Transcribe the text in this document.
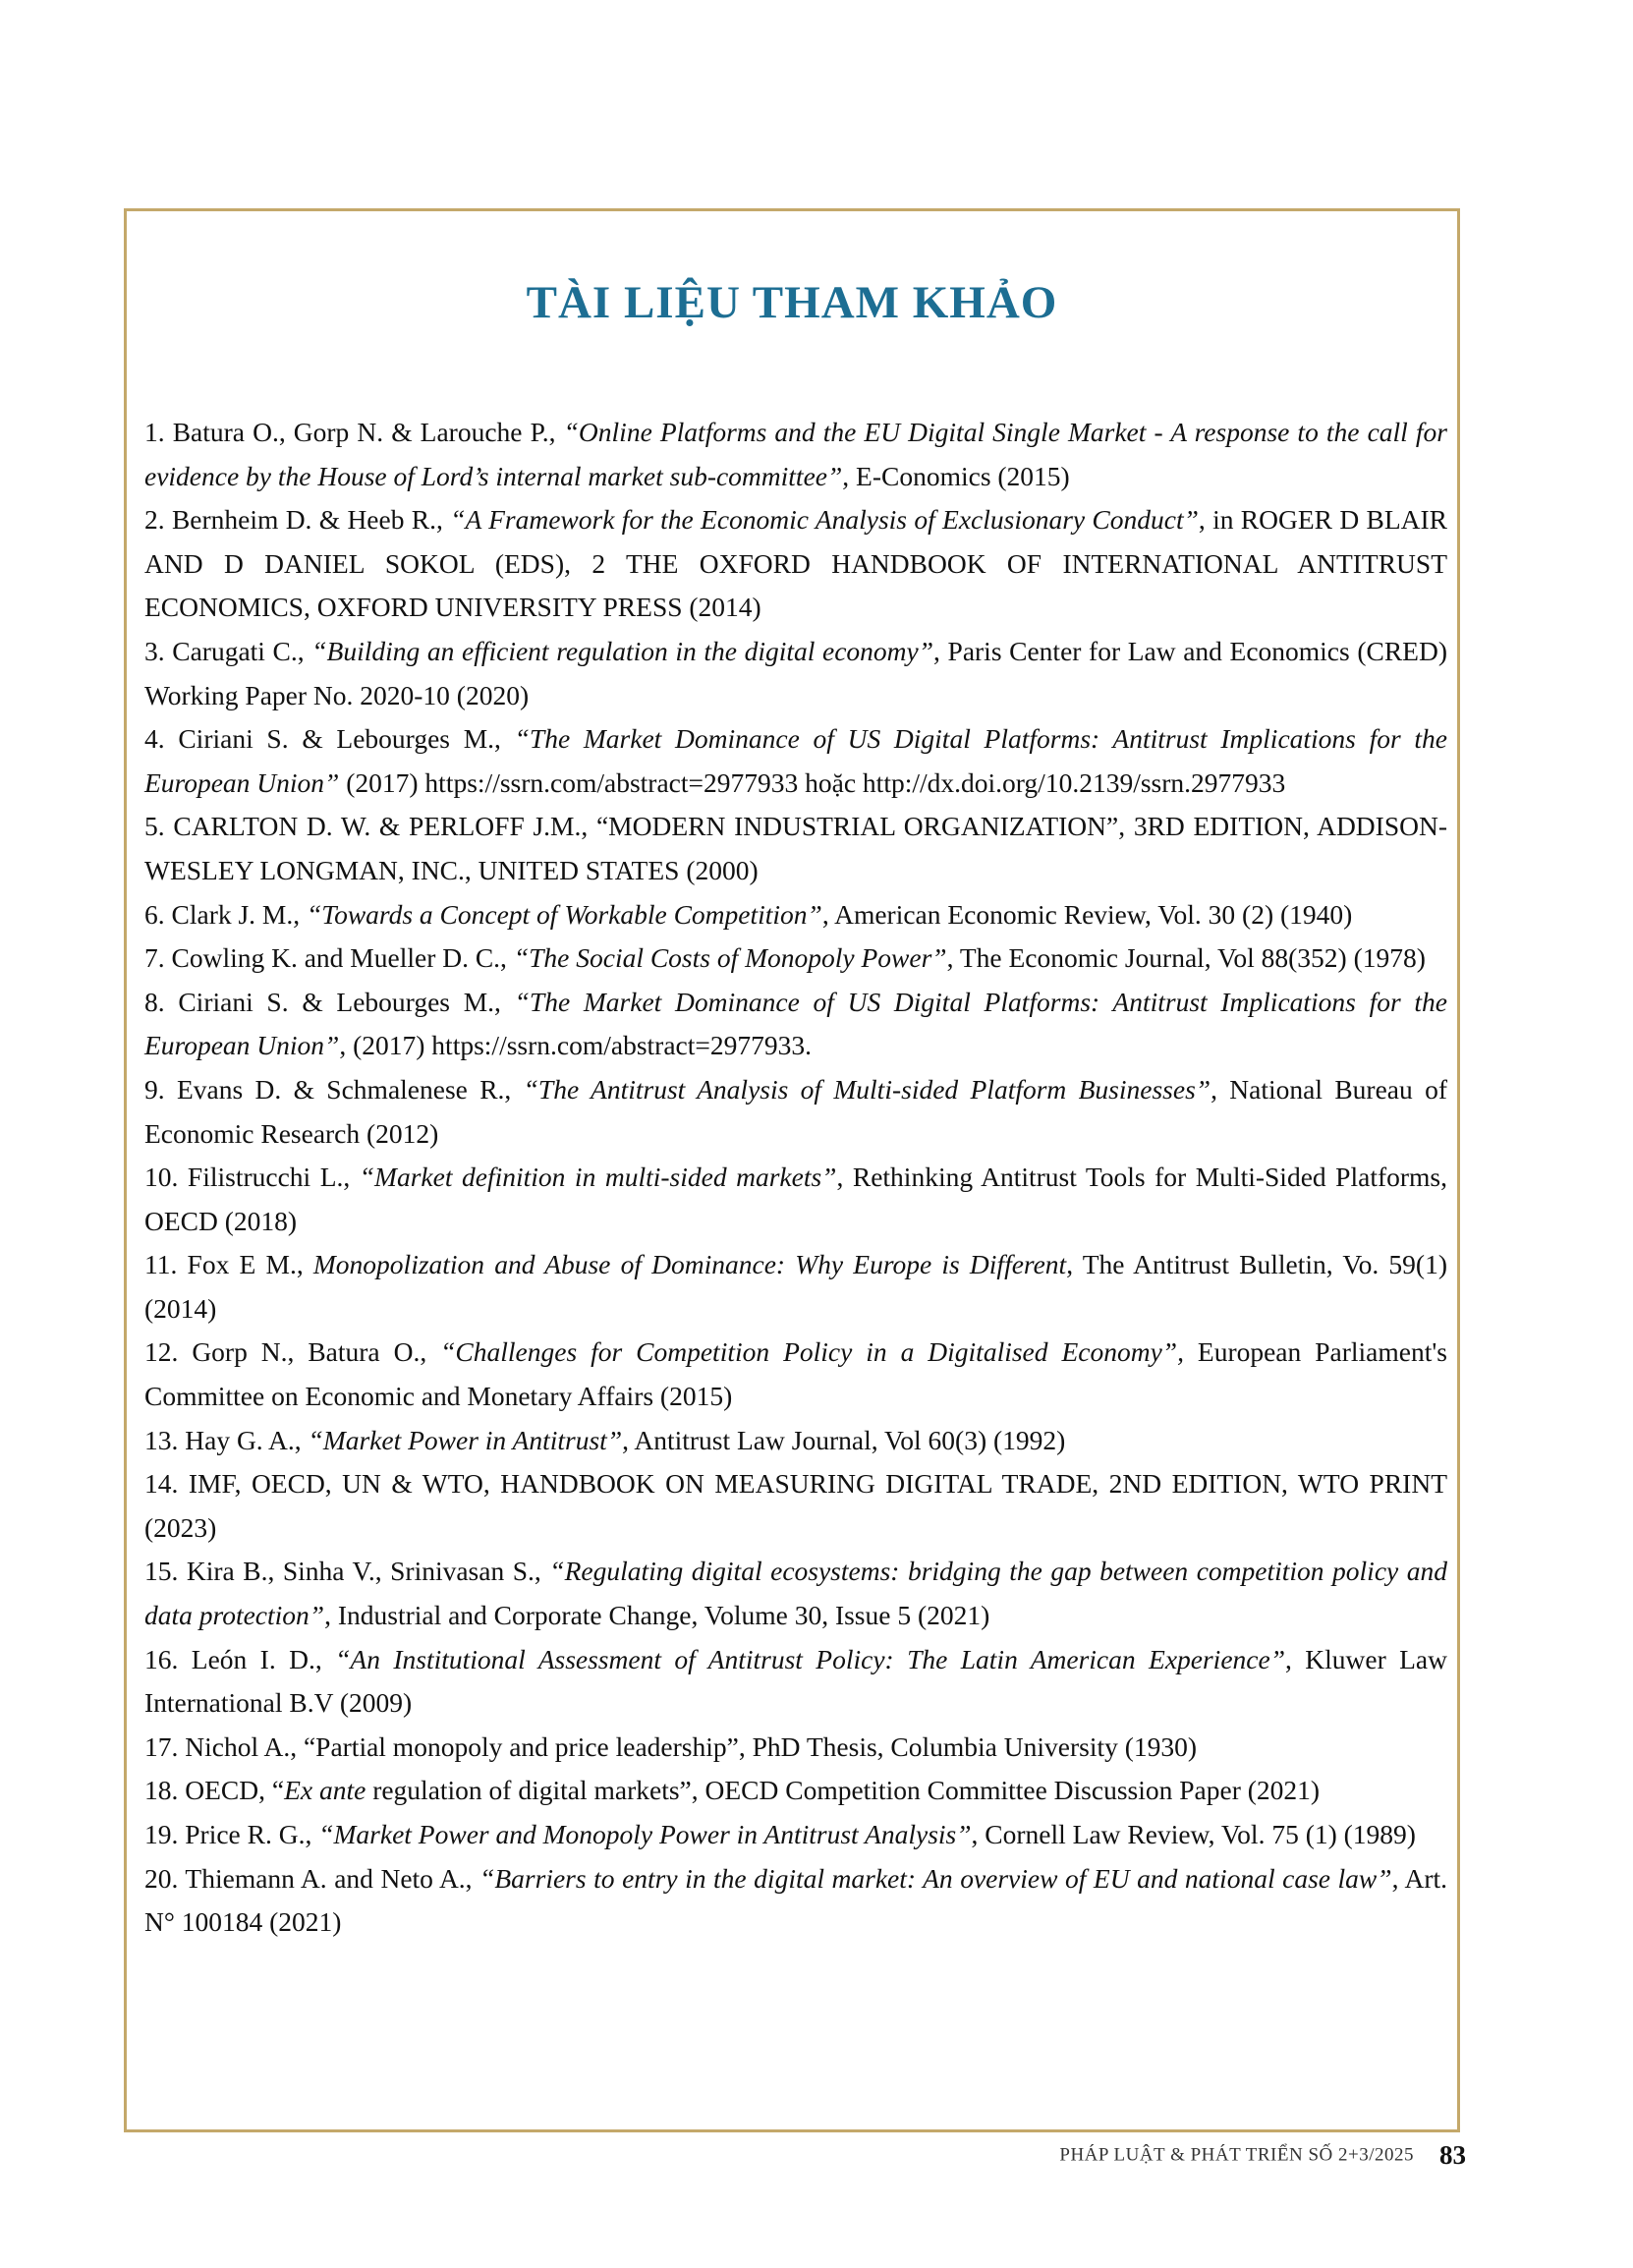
TÀI LIỆU THAM KHẢO
1. Batura O., Gorp N. & Larouche P., “Online Platforms and the EU Digital Single Market - A response to the call for evidence by the House of Lord’s internal market sub-committee”, E-Conomics (2015)
2. Bernheim D. & Heeb R., “A Framework for the Economic Analysis of Exclusionary Conduct”, in ROGER D BLAIR AND D DANIEL SOKOL (EDS), 2 THE OXFORD HANDBOOK OF INTERNATIONAL ANTITRUST ECONOMICS, OXFORD UNIVERSITY PRESS (2014)
3. Carugati C., “Building an efficient regulation in the digital economy”, Paris Center for Law and Economics (CRED) Working Paper No. 2020-10 (2020)
4. Ciriani S. & Lebourges M., “The Market Dominance of US Digital Platforms: Antitrust Implications for the European Union” (2017) https://ssrn.com/abstract=2977933 hoặc http://dx.doi.org/10.2139/ssrn.2977933
5. CARLTON D. W. & PERLOFF J.M., “MODERN INDUSTRIAL ORGANIZATION”, 3RD EDITION, ADDISON-WESLEY LONGMAN, INC., UNITED STATES (2000)
6. Clark J. M., “Towards a Concept of Workable Competition”, American Economic Review, Vol. 30 (2) (1940)
7. Cowling K. and Mueller D. C., “The Social Costs of Monopoly Power”, The Economic Journal, Vol 88(352) (1978)
8. Ciriani S. & Lebourges M., “The Market Dominance of US Digital Platforms: Antitrust Implications for the European Union”, (2017) https://ssrn.com/abstract=2977933.
9. Evans D. & Schmalenese R., “The Antitrust Analysis of Multi-sided Platform Businesses”, National Bureau of Economic Research (2012)
10. Filistrucchi L., “Market definition in multi-sided markets”, Rethinking Antitrust Tools for Multi-Sided Platforms, OECD (2018)
11. Fox E M., Monopolization and Abuse of Dominance: Why Europe is Different, The Antitrust Bulletin, Vo. 59(1) (2014)
12. Gorp N., Batura O., “Challenges for Competition Policy in a Digitalised Economy”, European Parliament's Committee on Economic and Monetary Affairs (2015)
13. Hay G. A., “Market Power in Antitrust”, Antitrust Law Journal, Vol 60(3) (1992)
14. IMF, OECD, UN & WTO, HANDBOOK ON MEASURING DIGITAL TRADE, 2ND EDITION, WTO PRINT (2023)
15. Kira B., Sinha V., Srinivasan S., “Regulating digital ecosystems: bridging the gap between competition policy and data protection”, Industrial and Corporate Change, Volume 30, Issue 5 (2021)
16. León I. D., “An Institutional Assessment of Antitrust Policy: The Latin American Experience”, Kluwer Law International B.V (2009)
17. Nichol A., “Partial monopoly and price leadership”, PhD Thesis, Columbia University (1930)
18. OECD, “Ex ante regulation of digital markets”, OECD Competition Committee Discussion Paper (2021)
19. Price R. G., “Market Power and Monopoly Power in Antitrust Analysis”, Cornell Law Review, Vol. 75 (1) (1989)
20. Thiemann A. and Neto A., “Barriers to entry in the digital market: An overview of EU and national case law”, Art. N° 100184 (2021)
PHÁP LUẬT & PHÁT TRIỂN SỐ 2+3/2025 83
